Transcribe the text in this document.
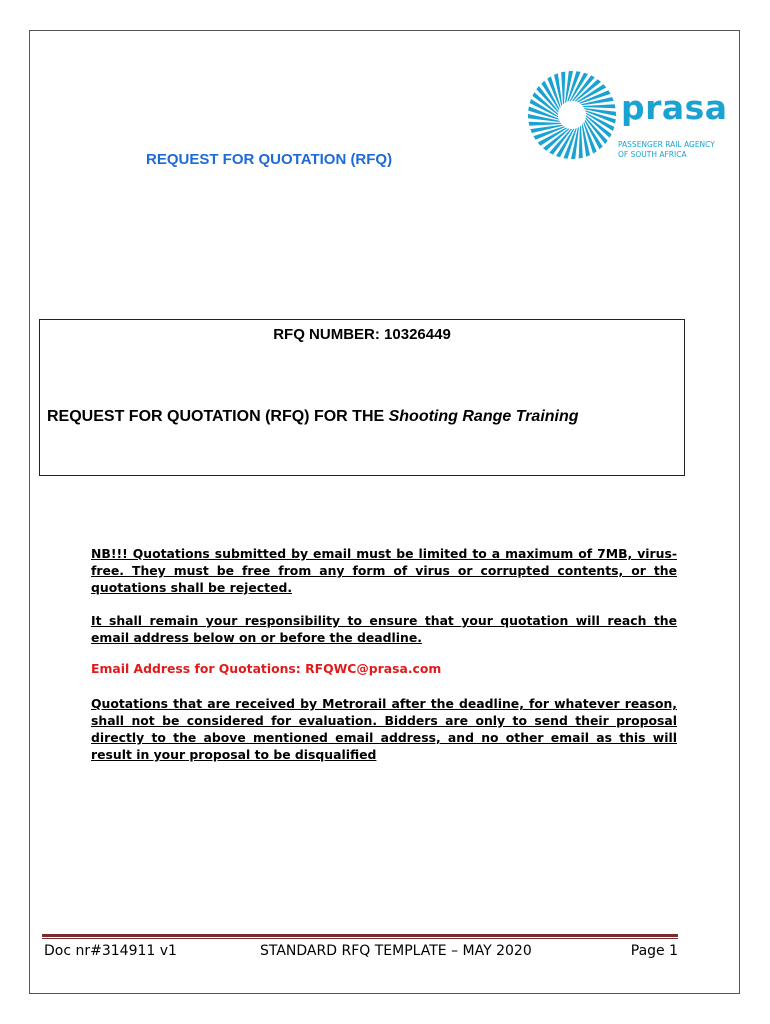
REQUEST FOR QUOTATION (RFQ)
prasa
PASSENGER RAIL AGENCY
OF SOUTH AFRICA
RFQ NUMBER: 10326449
REQUEST FOR QUOTATION (RFQ) FOR THE Shooting Range Training

NB!!! Quotations submitted by email must be limited to a maximum of 7MB, virus-free. They must be free from any form of virus or corrupted contents, or the quotations shall be rejected.

It shall remain your responsibility to ensure that your quotation will reach the email address below on or before the deadline.

Email Address for Quotations: RFQWC@prasa.com

Quotations that are received by Metrorail after the deadline, for whatever reason, shall not be considered for evaluation. Bidders are only to send their proposal directly to the above mentioned email address, and no other email as this will result in your proposal to be disqualified

Doc nr#314911 v1	STANDARD RFQ TEMPLATE – MAY 2020	Page 1
